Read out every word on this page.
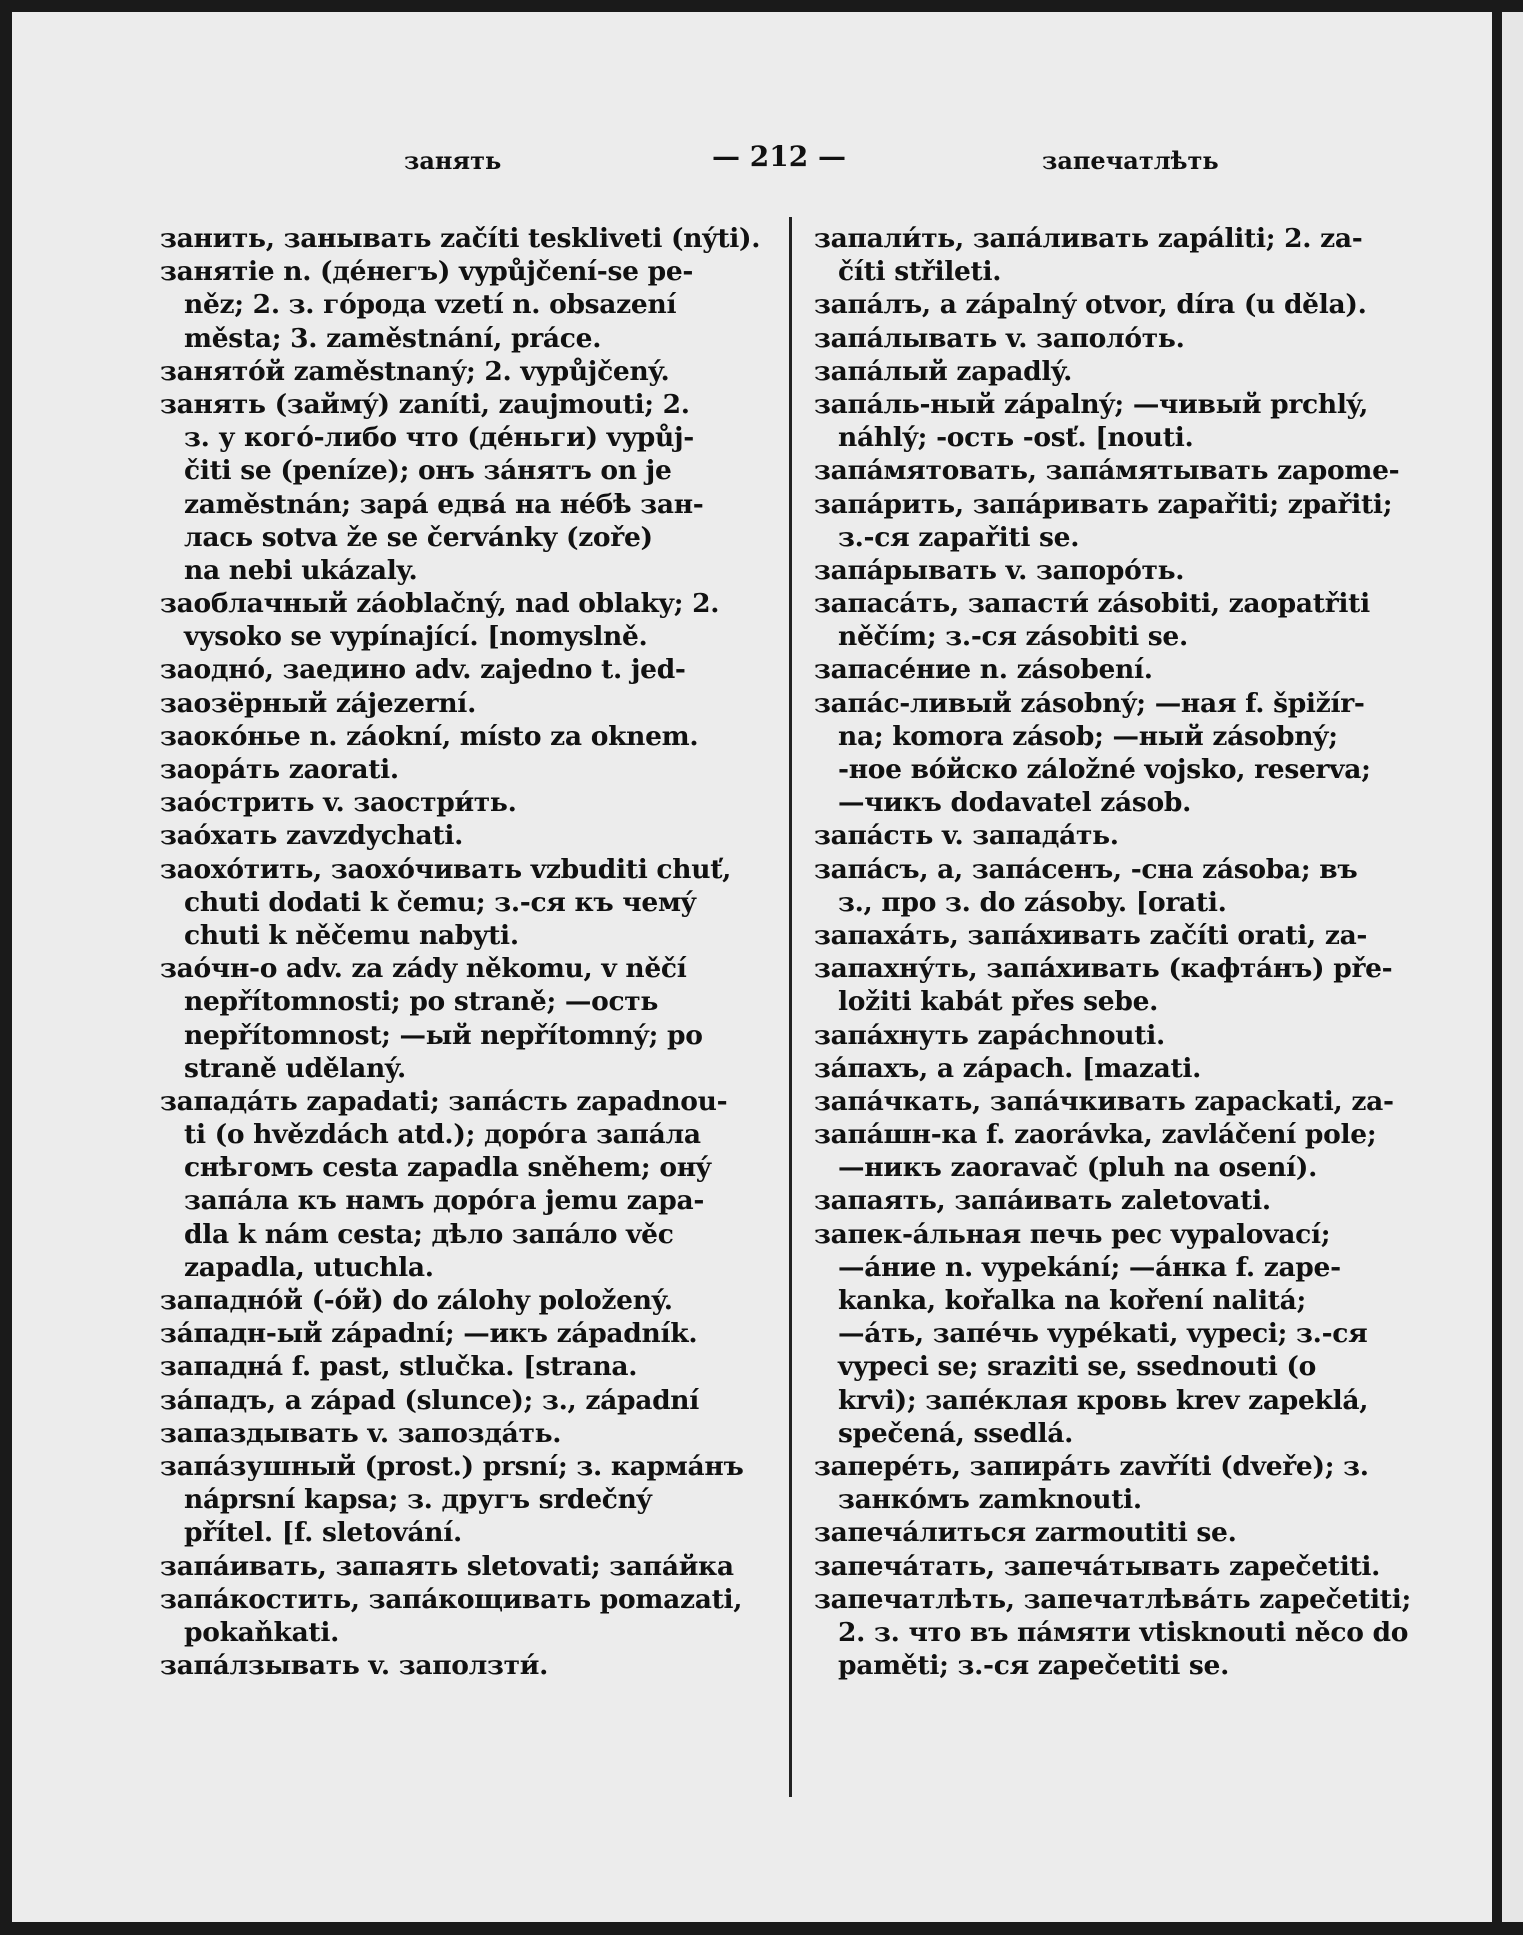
занять	— 212 —	запечатлѣть
занить, занывать začíti teskliveti (nýti).
занятіе n. (дéнегъ) vypůjčení-se pe-
něz; 2. з. гóрода vzetí n. obsazení
města; 3. zaměstnání, práce.
занятóй zaměstnaný; 2. vypůjčený.
занять (займý) zaníti, zaujmouti; 2.
з. у когó-либо что (дéньги) vypůj-
čiti se (peníze); онъ зáнятъ on je
zaměstnán; зарá едвá на нéбѣ зан-
лась sotva že se červánky (zoře)
na nebi ukázaly.
заоблачный záoblačný, nad oblaky; 2.
vysoko se vypínající. [nomyslně.
заоднó, заедино adv. zajedno t. jed-
заозёрный zájezerní.
заокóнье n. záokní, místo za oknem.
заорáть zaorati.
заóстрить v. заостри́ть.
заóхать zavzdychati.
заохóтить, заохóчивать vzbuditi chuť,
chuti dodati k čemu; з.-ся къ чемý
chuti k něčemu nabyti.
заóчн-о adv. za zády někomu, v něčí
nepřítomnosti; po straně; —ость
nepřítomnost; —ый nepřítomný; po
straně udělaný.
западáть zapadati; запáсть zapadnou-
ti (o hvězdách atd.); дорóга запáла
снѣгомъ cesta zapadla sněhem; онý
запáла къ намъ дорóга jemu zapa-
dla k nám cesta; дѣло запáло věc
zapadla, utuchla.
западнóй (-óй) do zálohy položený.
зáпадн-ый západní; —икъ západník.
западнá f. past, stlučka. [strana.
зáпадъ, a západ (slunce); з., západní
запаздывать v. запоздáть.
запáзушный (prost.) prsní; з. кармáнъ
náprsní kapsa; з. другъ srdečný
přítel. [f. sletování.
запáивать, запаять sletovati; запáйка
запáкостить, запáкощивать pomazati,
pokaňkati.
запáлзывать v. заползти́.
запали́ть, запáливать zapáliti; 2. za-
číti střileti.
запáлъ, a zápalný otvor, díra (u děla).
запáлывать v. заполóть.
запáлый zapadlý.
запáль-ный zápalný; —чивый prchlý,
náhlý; -ость -osť. [nouti.
запáмятовать, запáмятывать zapome-
запáрить, запáривать zapařiti; zpařiti;
з.-ся zapařiti se.
запáрывать v. запорóть.
запасáть, запасти́ zásobiti, zaopatřiti
něčím; з.-ся zásobiti se.
запасéние n. zásobení.
запáс-ливый zásobný; —ная f. špižír-
na; komora zásob; —ный zásobný;
-ное вóйско záložné vojsko, reserva;
—чикъ dodavatel zásob.
запáсть v. западáть.
запáсъ, a, запáсенъ, -сна zásoba; въ
з., про з. do zásoby. [orati.
запахáть, запáхивать začíti orati, za-
запахну́ть, запáхивать (кафтáнъ) pře-
ložiti kabát přes sebe.
запáхнуть zapáchnouti.
зáпахъ, a zápach. [mazati.
запáчкать, запáчкивать zapackati, za-
запáшн-ка f. zaorávka, zavláčení pole;
—никъ zaoravač (pluh na osení).
запаять, запáивать zaletovati.
запек-áльная печь pec vypalovací;
—áние n. vypekání; —áнка f. zape-
kanka, kořalka na koření nalitá;
—áть, запéчь vypékati, vypeci; з.-ся
vypeci se; sraziti se, ssednouti (o
krvi); запéклая кровь krev zapeklá,
spečená, ssedlá.
заперéть, запирáть zavříti (dveře); з.
занкóмъ zamknouti.
запечáлиться zarmoutiti se.
запечáтать, запечáтывать zapečetiti.
запечатлѣть, запечатлѣвáть zapečetiti;
2. з. что въ пáмяти vtisknouti něco do
paměti; з.-ся zapečetiti se.
